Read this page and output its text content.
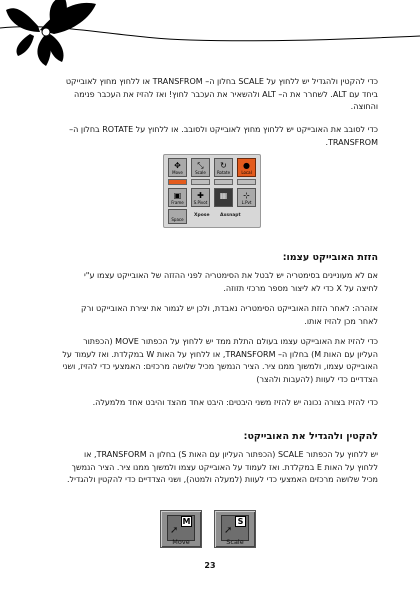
כדי להקטין ולהגדיל יש ללחוץ על SCALE בחלון ה– TRANSFROM או ללחוץ מחוץ לאובייקט ביחד עם ALT. לשחרר את ה– ALT ולהשאיר את העכבר לחוץ! ואז להזיז את העכבר פנימה והחוצה.

כדי לסובב את האובייקט יש ללחוץ מחוץ לאובייקט ולסובב. או ללחוץ על ROTATE בחלון ה– TRANSFROM.

✥
Move
⤡
Scale
↻
Rotate
●
Local
▣
Frame
✚
S.Pivot
▦	⊹
L.Pvt
Space
Xpose Axsnapt
הזזת האובייקט עצמו:

אם לא מעוניינים בסימטריה יש לבטל את הסימטריה לפני ההזזה של האובייקט עצמו ע"י לחיצה על X כדי לא ליצור מספר מרכזי תזוזה.

אזהרה: לאחר הזזת האובייקט הסימטריה נאבדת, ולכן יש לגמור את יצירת האובייקט ורק לאחר מכן להזיז אותו.

כדי להזיז את האובייקט עצמו בעולם התלת ממד יש ללחוץ על הכפתור MOVE (הכפתור העליון עם האות M) בחלון ה– TRANSFORM, או ללחוץ על האות W במקלדת. ואז לעמוד על האובייקט עצמו, ולמשוך ממנו ציר. הציר הנמשך מכיל שלושה מרכזים: האמצעי כדי להזיז, ושני הצדדיים כדי לעוות (להעבות ולהצר)

כדי להזיז בצורה נכונה יש להזיז משני היבטים: היבט אחד מהצד והיבט אחד מלמעלה.

להקטין ולהגדיל את האובייקט:

יש ללחוץ על הכפתור SCALE (הכפתור העליון עם האות S) בחלון ה TRANSFORM, או ללחוץ על האות E במקלדת. ואז לעמוד על האובייקט עצמו ולמשוך ממנו ציר. הציר הנמשך מכיל שלושה מרכזים האמצעי כדי לעוות (למעלה ולמטה), ושני הצדדיים כדי להקטין ולהגדיל.

M
➚
Move
S
➚
Scale
23
